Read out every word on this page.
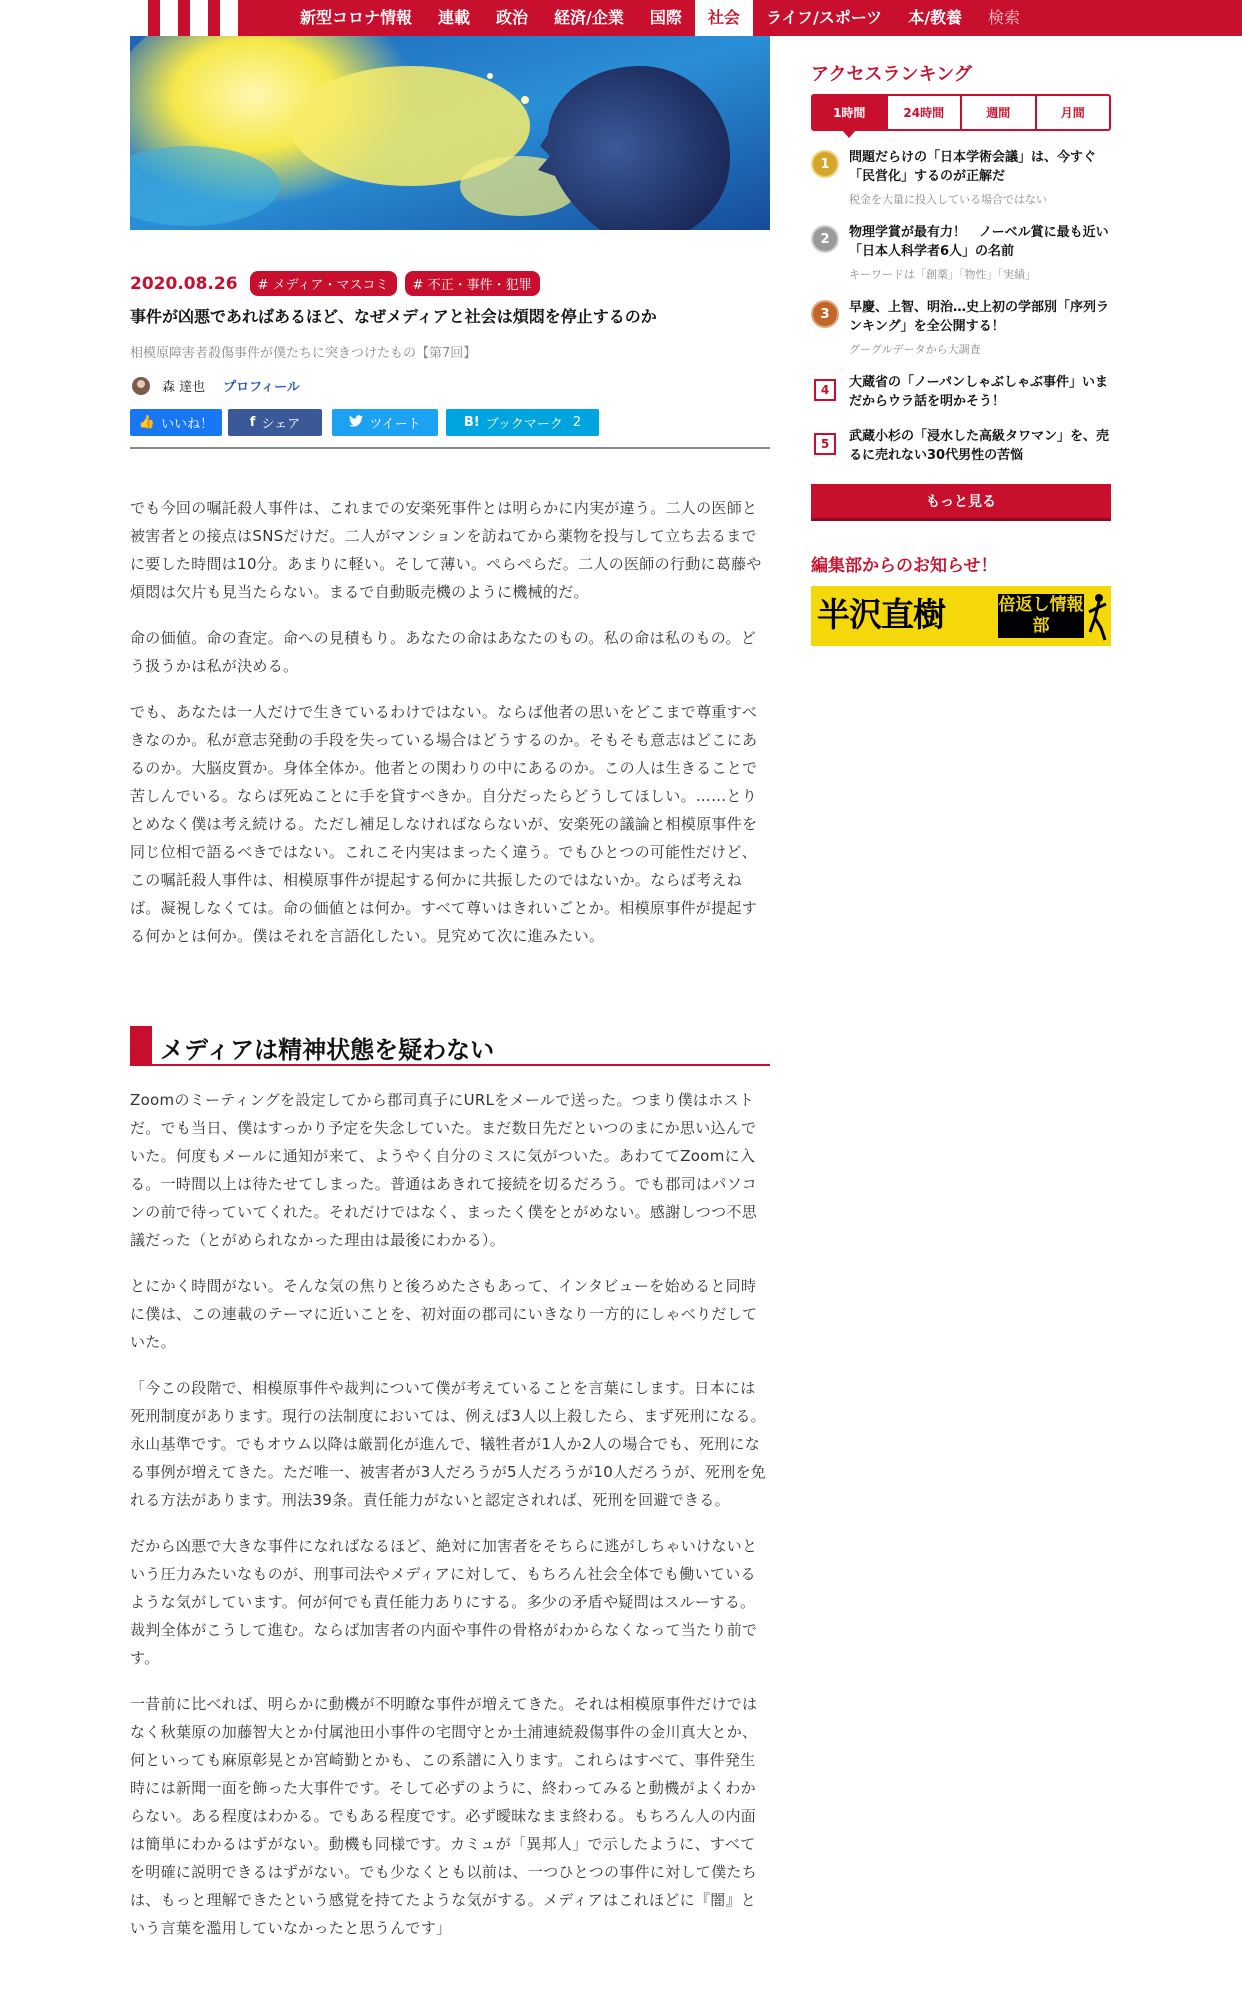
新型コロナ情報	連載	政治	経済/企業	国際	社会	ライフ/スポーツ	本/教養	検索
2020.08.26	# メディア・マスコミ	# 不正・事件・犯罪
事件が凶悪であればあるほど、なぜメディアと社会は煩悶を停止するのか
相模原障害者殺傷事件が僕たちに突きつけたもの【第7回】
森 達也 プロフィール
👍 いいね！	f シェア	ツイート	B! ブックマーク 2

でも今回の嘱託殺人事件は、これまでの安楽死事件とは明らかに内実が違う。二人の医師と被害者との接点はSNSだけだ。二人がマンションを訪ねてから薬物を投与して立ち去るまでに要した時間は10分。あまりに軽い。そして薄い。ぺらぺらだ。二人の医師の行動に葛藤や煩悶は欠片も見当たらない。まるで自動販売機のように機械的だ。

命の価値。命の査定。命への見積もり。あなたの命はあなたのもの。私の命は私のもの。どう扱うかは私が決める。

でも、あなたは一人だけで生きているわけではない。ならば他者の思いをどこまで尊重すべきなのか。私が意志発動の手段を失っている場合はどうするのか。そもそも意志はどこにあるのか。大脳皮質か。身体全体か。他者との関わりの中にあるのか。この人は生きることで苦しんでいる。ならば死ぬことに手を貸すべきか。自分だったらどうしてほしい。……とりとめなく僕は考え続ける。ただし補足しなければならないが、安楽死の議論と相模原事件を同じ位相で語るべきではない。これこそ内実はまったく違う。でもひとつの可能性だけど、この嘱託殺人事件は、相模原事件が提起する何かに共振したのではないか。ならば考えねば。凝視しなくては。命の価値とは何か。すべて尊いはきれいごとか。相模原事件が提起する何かとは何か。僕はそれを言語化したい。見究めて次に進みたい。

メディアは精神状態を疑わない

Zoomのミーティングを設定してから郡司真子にURLをメールで送った。つまり僕はホストだ。でも当日、僕はすっかり予定を失念していた。まだ数日先だといつのまにか思い込んでいた。何度もメールに通知が来て、ようやく自分のミスに気がついた。あわててZoomに入る。一時間以上は待たせてしまった。普通はあきれて接続を切るだろう。でも郡司はパソコンの前で待っていてくれた。それだけではなく、まったく僕をとがめない。感謝しつつ不思議だった（とがめられなかった理由は最後にわかる）。

とにかく時間がない。そんな気の焦りと後ろめたさもあって、インタビューを始めると同時に僕は、この連載のテーマに近いことを、初対面の郡司にいきなり一方的にしゃべりだしていた。

「今この段階で、相模原事件や裁判について僕が考えていることを言葉にします。日本には死刑制度があります。現行の法制度においては、例えば3人以上殺したら、まず死刑になる。永山基準です。でもオウム以降は厳罰化が進んで、犠牲者が1人か2人の場合でも、死刑になる事例が増えてきた。ただ唯一、被害者が3人だろうが5人だろうが10人だろうが、死刑を免れる方法があります。刑法39条。責任能力がないと認定されれば、死刑を回避できる。

だから凶悪で大きな事件になればなるほど、絶対に加害者をそちらに逃がしちゃいけないという圧力みたいなものが、刑事司法やメディアに対して、もちろん社会全体でも働いているような気がしています。何が何でも責任能力ありにする。多少の矛盾や疑問はスルーする。裁判全体がこうして進む。ならば加害者の内面や事件の骨格がわからなくなって当たり前です。

一昔前に比べれば、明らかに動機が不明瞭な事件が増えてきた。それは相模原事件だけではなく秋葉原の加藤智大とか付属池田小事件の宅間守とか土浦連続殺傷事件の金川真大とか、何といっても麻原彰晃とか宮崎勤とかも、この系譜に入ります。これらはすべて、事件発生時には新聞一面を飾った大事件です。そして必ずのように、終わってみると動機がよくわからない。ある程度はわかる。でもある程度です。必ず曖昧なまま終わる。もちろん人の内面は簡単にわかるはずがない。動機も同様です。カミュが「異邦人」で示したように、すべてを明確に説明できるはずがない。でも少なくとも以前は、一つひとつの事件に対して僕たちは、もっと理解できたという感覚を持てたような気がする。メディアはこれほどに『闇』という言葉を濫用していなかったと思うんです」

アクセスランキング
1時間	24時間	週間	月間
1	問題だらけの「日本学術会議」は、今すぐ「民営化」するのが正解だ
税金を大量に投入している場合ではない
2	物理学賞が最有力！　ノーベル賞に最も近い「日本人科学者6人」の名前
キーワードは「創薬」「物性」「実績」
3	早慶、上智、明治…史上初の学部別「序列ランキング」を全公開する！
グーグルデータから大調査
4	大蔵省の「ノーパンしゃぶしゃぶ事件」いまだからウラ話を明かそう！
5	武蔵小杉の「浸水した高級タワマン」を、売るに売れない30代男性の苦悩
もっと見る
編集部からのお知らせ！
半沢直樹	倍返し情報部
